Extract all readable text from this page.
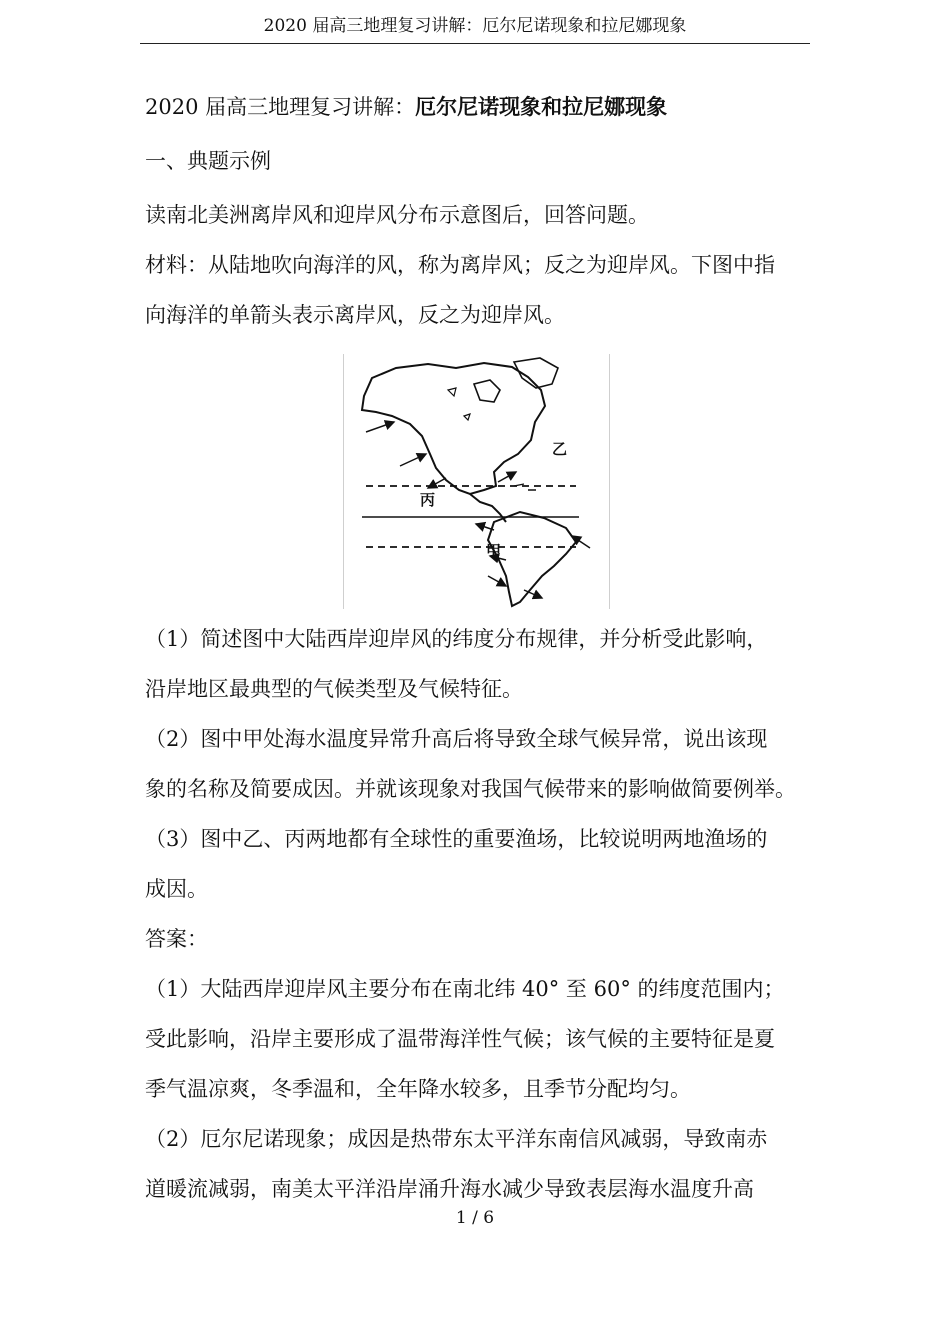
2020 届高三地理复习讲解：厄尔尼诺现象和拉尼娜现象
2020 届高三地理复习讲解：厄尔尼诺现象和拉尼娜现象
一、典题示例
读南北美洲离岸风和迎岸风分布示意图后，回答问题。
材料：从陆地吹向海洋的风，称为离岸风；反之为迎岸风。下图中指
向海洋的单箭头表示离岸风，反之为迎岸风。
乙
丙
甲
（1）简述图中大陆西岸迎岸风的纬度分布规律，并分析受此影响，
沿岸地区最典型的气候类型及气候特征。
（2）图中甲处海水温度异常升高后将导致全球气候异常，说出该现
象的名称及简要成因。并就该现象对我国气候带来的影响做简要例举。
（3）图中乙、丙两地都有全球性的重要渔场，比较说明两地渔场的
成因。
答案：
（1）大陆西岸迎岸风主要分布在南北纬 40° 至 60° 的纬度范围内；
受此影响，沿岸主要形成了温带海洋性气候；该气候的主要特征是夏
季气温凉爽，冬季温和，全年降水较多，且季节分配均匀。
（2）厄尔尼诺现象；成因是热带东太平洋东南信风减弱，导致南赤
道暖流减弱，南美太平洋沿岸涌升海水减少导致表层海水温度升高
1 / 6
